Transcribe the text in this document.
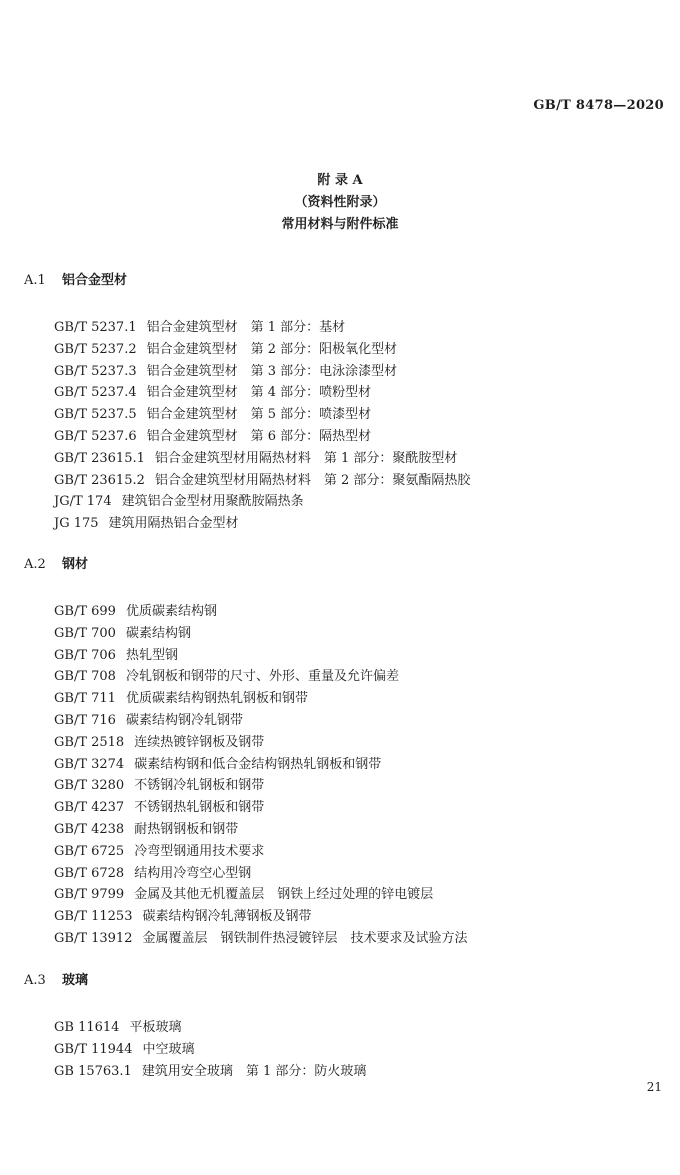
GB/T 8478—2020
附 录 A
（资料性附录）
常用材料与附件标准
A.1 铝合金型材
GB/T 5237.1 铝合金建筑型材　第 1 部分：基材
GB/T 5237.2 铝合金建筑型材　第 2 部分：阳极氧化型材
GB/T 5237.3 铝合金建筑型材　第 3 部分：电泳涂漆型材
GB/T 5237.4 铝合金建筑型材　第 4 部分：喷粉型材
GB/T 5237.5 铝合金建筑型材　第 5 部分：喷漆型材
GB/T 5237.6 铝合金建筑型材　第 6 部分：隔热型材
GB/T 23615.1 铝合金建筑型材用隔热材料　第 1 部分：聚酰胺型材
GB/T 23615.2 铝合金建筑型材用隔热材料　第 2 部分：聚氨酯隔热胶
JG/T 174 建筑铝合金型材用聚酰胺隔热条
JG 175 建筑用隔热铝合金型材
A.2 钢材
GB/T 699 优质碳素结构钢
GB/T 700 碳素结构钢
GB/T 706 热轧型钢
GB/T 708 冷轧钢板和钢带的尺寸、外形、重量及允许偏差
GB/T 711 优质碳素结构钢热轧钢板和钢带
GB/T 716 碳素结构钢冷轧钢带
GB/T 2518 连续热镀锌钢板及钢带
GB/T 3274 碳素结构钢和低合金结构钢热轧钢板和钢带
GB/T 3280 不锈钢冷轧钢板和钢带
GB/T 4237 不锈钢热轧钢板和钢带
GB/T 4238 耐热钢钢板和钢带
GB/T 6725 冷弯型钢通用技术要求
GB/T 6728 结构用冷弯空心型钢
GB/T 9799 金属及其他无机覆盖层　钢铁上经过处理的锌电镀层
GB/T 11253 碳素结构钢冷轧薄钢板及钢带
GB/T 13912 金属覆盖层　钢铁制件热浸镀锌层　技术要求及试验方法
A.3 玻璃
GB 11614 平板玻璃
GB/T 11944 中空玻璃
GB 15763.1 建筑用安全玻璃　第 1 部分：防火玻璃
21
